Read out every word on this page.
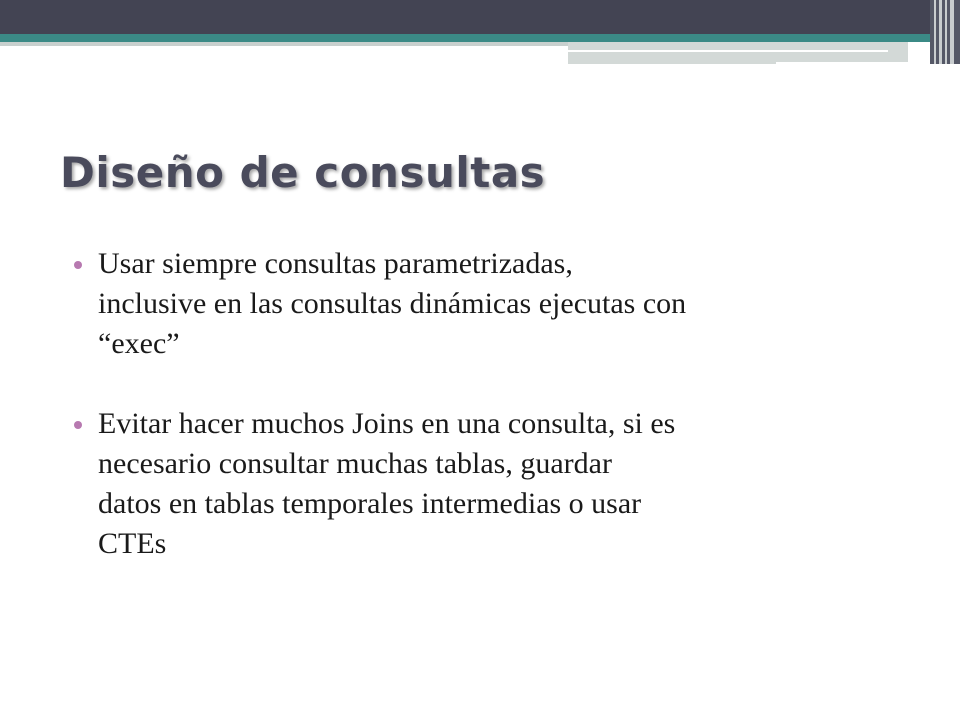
Diseño de consultas
Usar siempre consultas parametrizadas,
inclusive en las consultas dinámicas ejecutas con
“exec”
Evitar hacer muchos Joins en una consulta, si es
necesario consultar muchas tablas, guardar
datos en tablas temporales intermedias o usar
CTEs
